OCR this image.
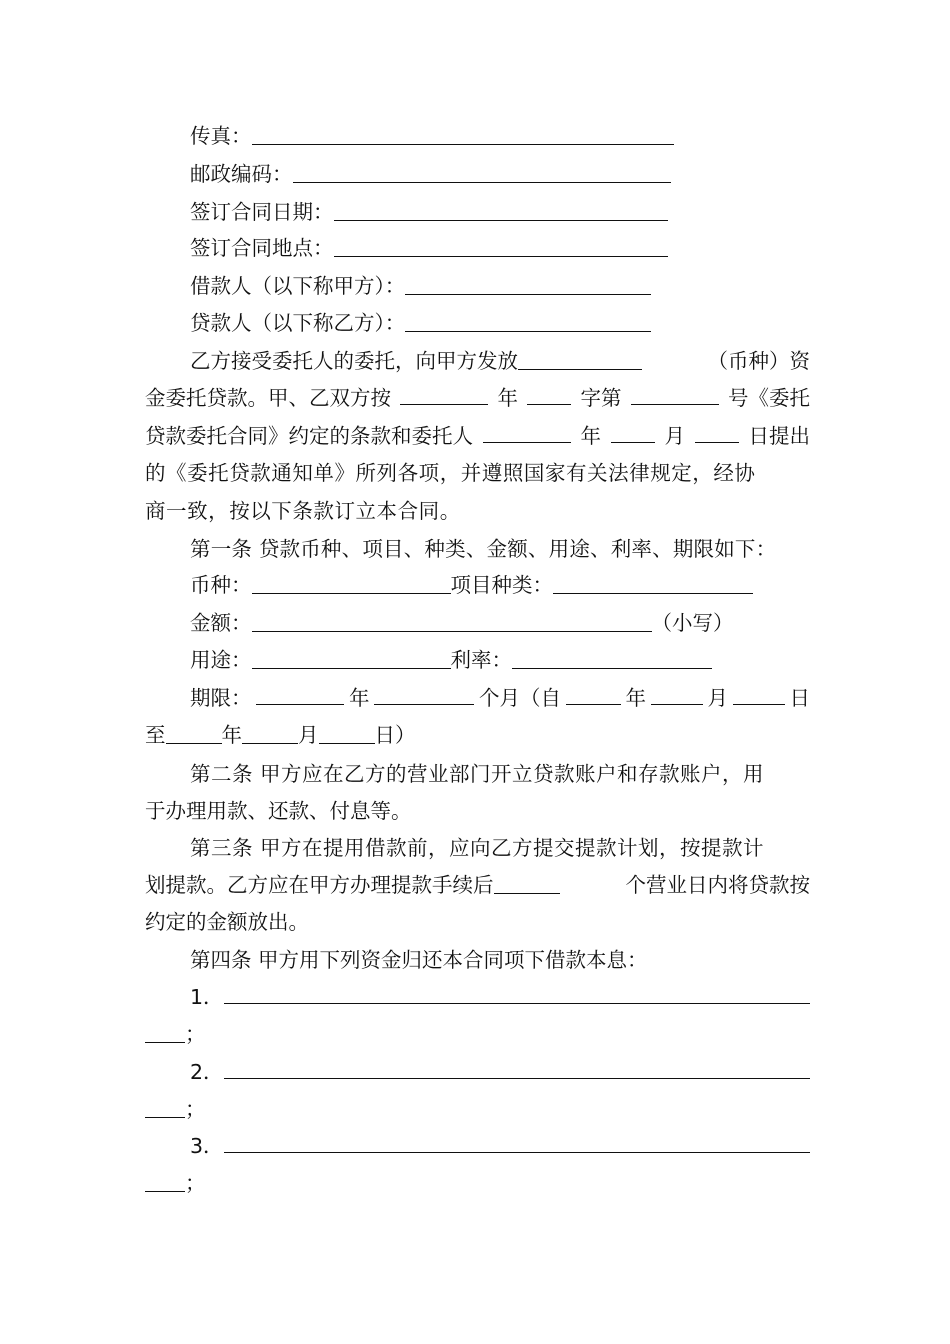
传真：
邮政编码：
签订合同日期：
签订合同地点：
借款人（以下称甲方）：
贷款人（以下称乙方）：
乙方接受委托人的委托，向甲方发放	（币种）资
金委托贷款。甲、乙双方按	年	字第	号《委托
贷款委托合同》约定的条款和委托人	年	月	日提出
的《委托贷款通知单》所列各项，并遵照国家有关法律规定，经协
商一致，按以下条款订立本合同。
第一条 贷款币种、项目、种类、金额、用途、利率、期限如下：
币种：	项目种类：
金额：	（小写）
用途：	利率：
期限：	年	个月（自	年	月	日
至	年	月	日）
第二条 甲方应在乙方的营业部门开立贷款账户和存款账户，用
于办理用款、还款、付息等。
第三条 甲方在提用借款前，应向乙方提交提款计划，按提款计
划提款。乙方应在甲方办理提款手续后	个营业日内将贷款按
约定的金额放出。
第四条 甲方用下列资金归还本合同项下借款本息：
1．
；
2．
；
3．
；
